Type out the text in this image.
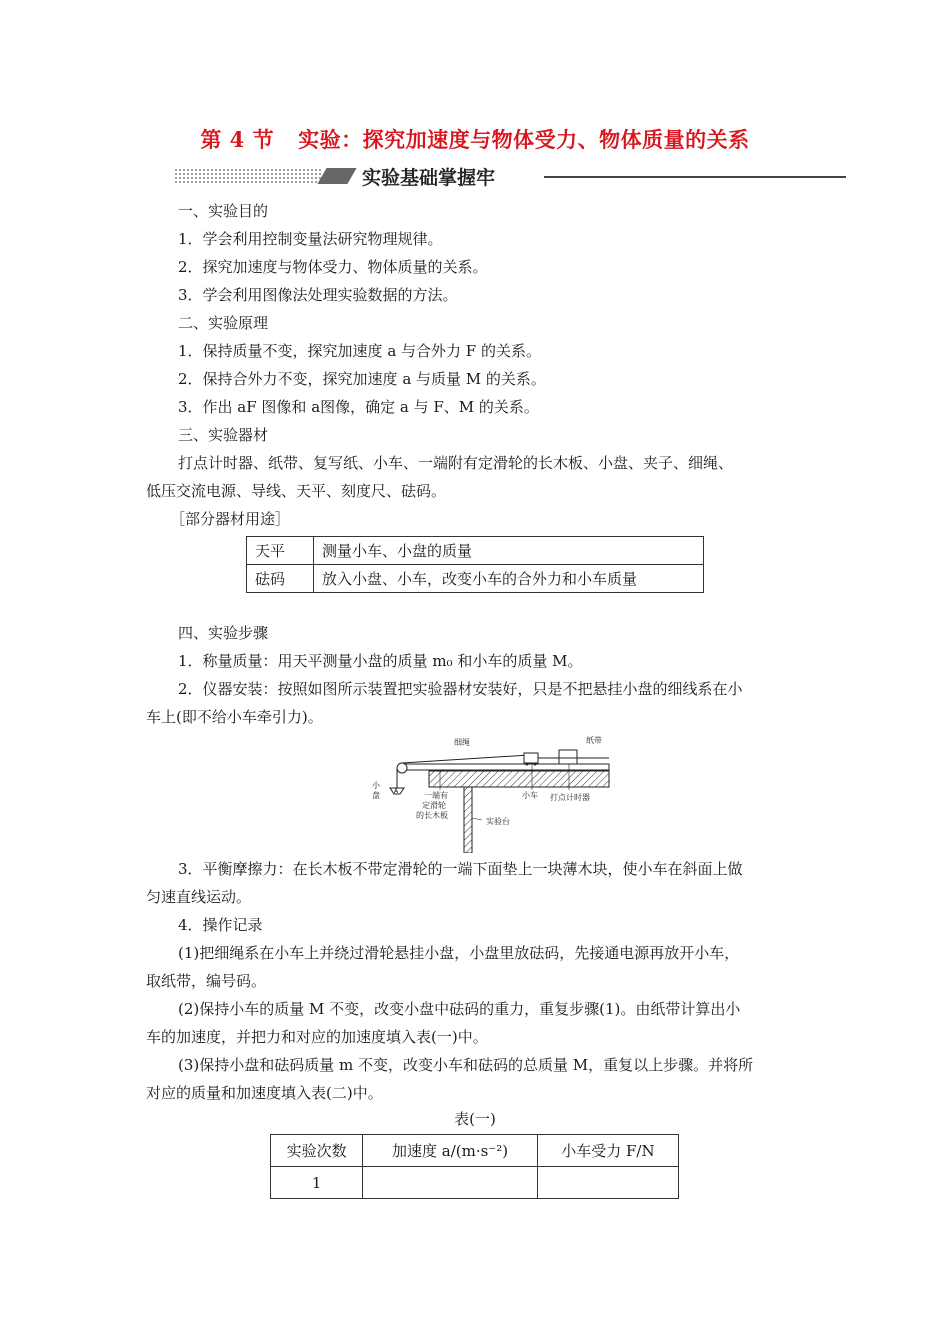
第 4 节 实验：探究加速度与物体受力、物体质量的关系
实验基础掌握牢
一、实验目的
1．学会利用控制变量法研究物理规律。
2．探究加速度与物体受力、物体质量的关系。
3．学会利用图像法处理实验数据的方法。
二、实验原理
1．保持质量不变，探究加速度 a 与合外力 F 的关系。
2．保持合外力不变，探究加速度 a 与质量 M 的关系。
3．作出 aF 图像和 a图像，确定 a 与 F、M 的关系。
三、实验器材
打点计时器、纸带、复写纸、小车、一端附有定滑轮的长木板、小盘、夹子、细绳、
低压交流电源、导线、天平、刻度尺、砝码。
［部分器材用途］
天平	测量小车、小盘的质量
砝码	放入小盘、小车，改变小车的合外力和小车质量
四、实验步骤
1．称量质量：用天平测量小盘的质量 m₀ 和小车的质量 M。
2．仪器安装：按照如图所示装置把实验器材安装好，只是不把悬挂小盘的细线系在小
车上(即不给小车牵引力)。
A
细绳	纸带
小
盘	一端有
定滑轮
的长木板
小车 打点计时器
实验台
3．平衡摩擦力：在长木板不带定滑轮的一端下面垫上一块薄木块，使小车在斜面上做
匀速直线运动。
4．操作记录
(1)把细绳系在小车上并绕过滑轮悬挂小盘，小盘里放砝码，先接通电源再放开小车，
取纸带，编号码。
(2)保持小车的质量 M 不变，改变小盘中砝码的重力，重复步骤(1)。由纸带计算出小
车的加速度，并把力和对应的加速度填入表(一)中。
(3)保持小盘和砝码质量 m 不变，改变小车和砝码的总质量 M，重复以上步骤。并将所
对应的质量和加速度填入表(二)中。
表(一)
实验次数	加速度 a/(m·s⁻²)	小车受力 F/N
1		
